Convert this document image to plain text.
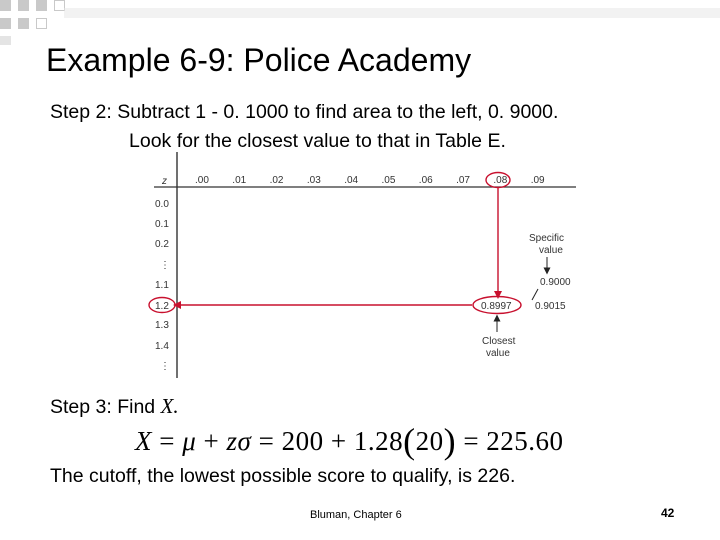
Example 6-9: Police Academy
Step 2: Subtract 1 - 0. 1000 to find area to the left, 0. 9000.
Look for the closest value to that in Table E.
z	.00 .01 .02 .03 .04 .05 .06 .07 .08 .09
0.0
0.1
0.2
⋮
1.1
1.2
1.3
1.4
⋮
0.8997 0.9015
0.9000
Specific
value
Closest
value
Step 3: Find X.
X = μ + zσ = 200 + 1.28(20) = 225.60
The cutoff, the lowest possible score to qualify, is 226.
Bluman, Chapter 6	42
